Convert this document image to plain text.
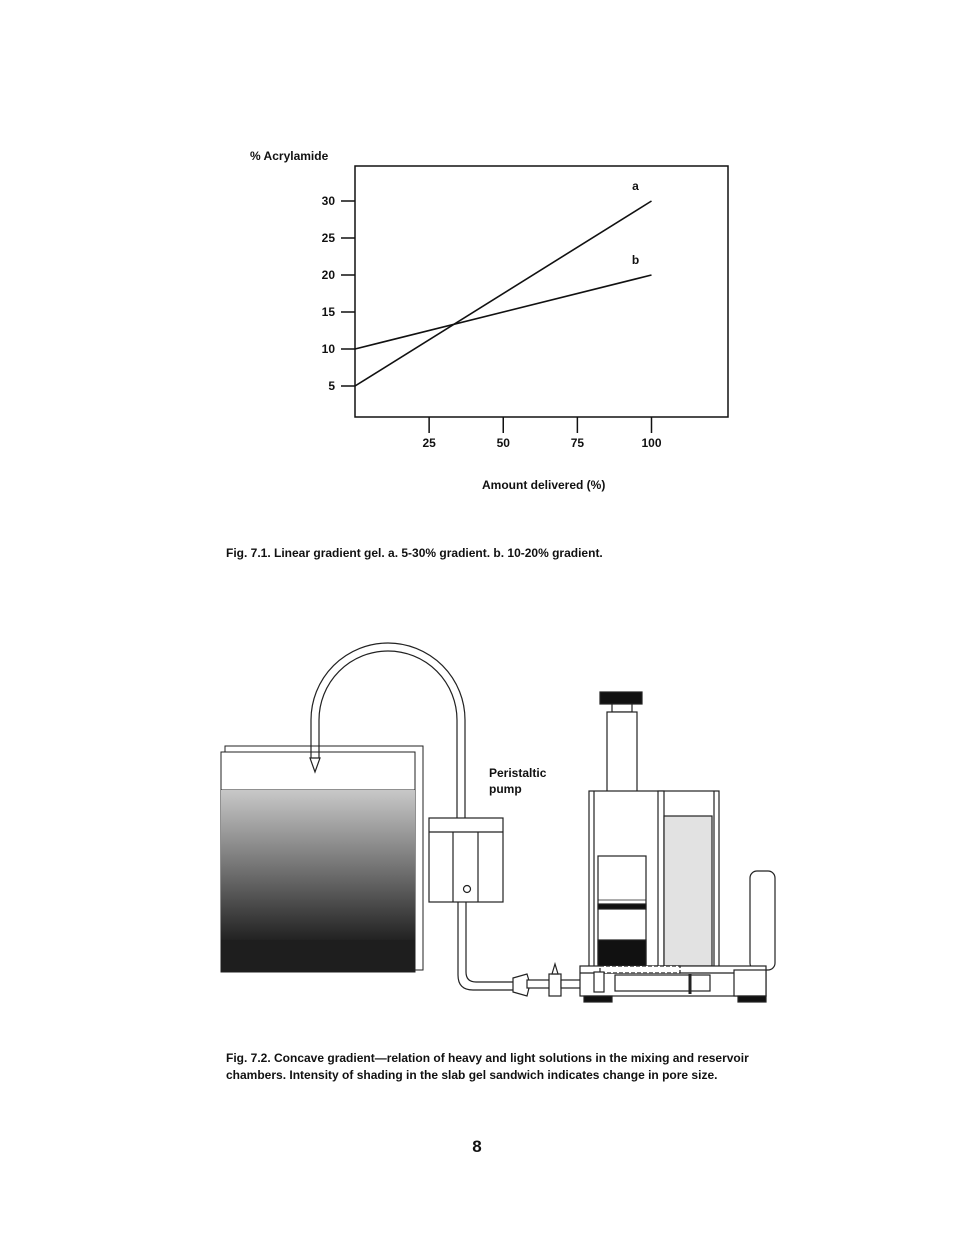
% Acrylamide
5
10
15
20
25
30
25	50	75	100
a
b
Amount delivered (%)
Fig. 7.1. Linear gradient gel. a. 5-30% gradient. b. 10-20% gradient.
Peristaltic
pump
Fig. 7.2. Concave gradient—relation of heavy and light solutions in the mixing and reservoir chambers. Intensity of shading in the slab gel sandwich indicates change in pore size.
8
